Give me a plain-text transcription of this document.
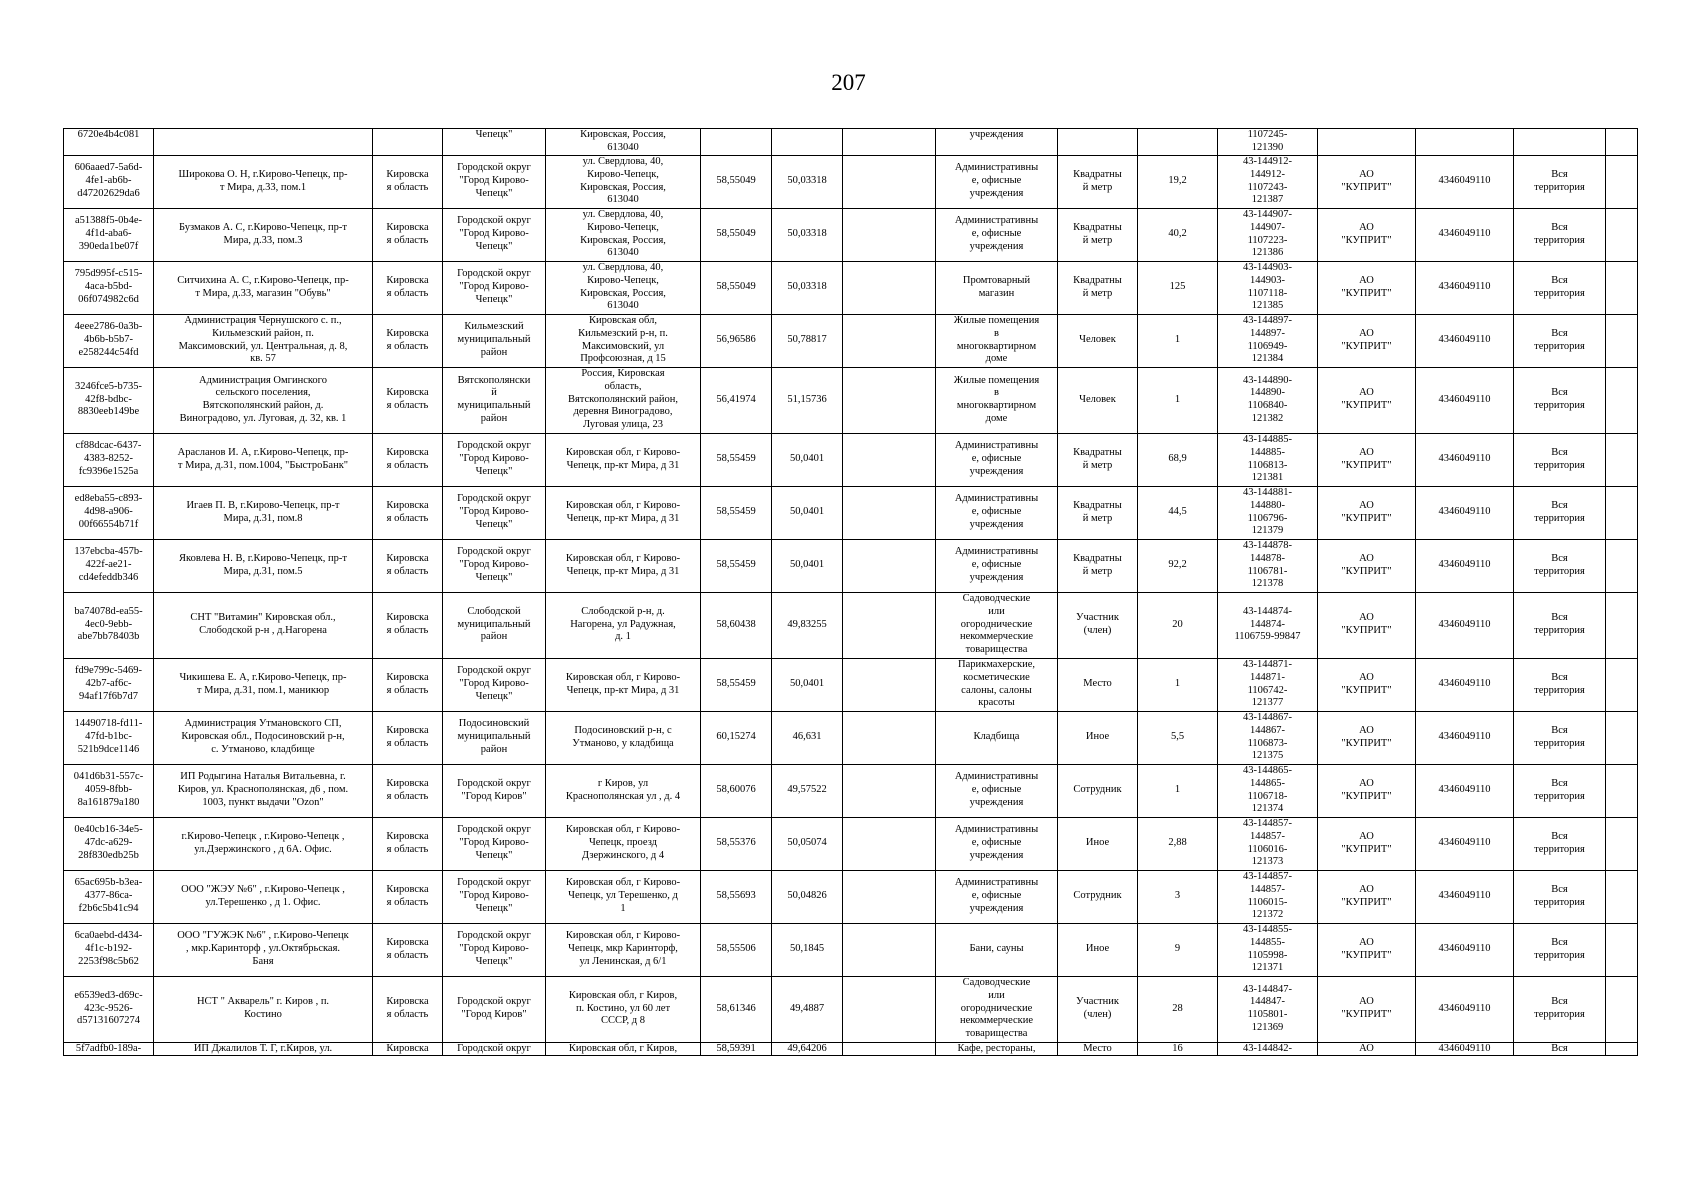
207
6720e4b4c081			Чепецк"	Кировская, Россия,
613040				учреждения			1107245-
121390				
606aaed7-5a6d-
4fe1-ab6b-
d47202629da6	Широкова О. Н, г.Кирово-Чепецк, пр-
т Мира, д.33, пом.1	Кировска
я область	Городской округ
"Город Кирово-
Чепецк"	ул. Свердлова, 40,
Кирово-Чепецк,
Кировская, Россия,
613040	58,55049	50,03318		Административны
е, офисные
учреждения	Квадратны
й метр	19,2	43-144912-
144912-
1107243-
121387	АО
"КУПРИТ"	4346049110	Вся
территория	
a51388f5-0b4e-
4f1d-aba6-
390eda1be07f	Бузмаков А. С, г.Кирово-Чепецк, пр-т
Мира, д.33, пом.3	Кировска
я область	Городской округ
"Город Кирово-
Чепецк"	ул. Свердлова, 40,
Кирово-Чепецк,
Кировская, Россия,
613040	58,55049	50,03318		Административны
е, офисные
учреждения	Квадратны
й метр	40,2	43-144907-
144907-
1107223-
121386	АО
"КУПРИТ"	4346049110	Вся
территория	
795d995f-c515-
4aca-b5bd-
06f074982c6d	Ситчихина А. С, г.Кирово-Чепецк, пр-
т Мира, д.33, магазин "Обувь"	Кировска
я область	Городской округ
"Город Кирово-
Чепецк"	ул. Свердлова, 40,
Кирово-Чепецк,
Кировская, Россия,
613040	58,55049	50,03318		Промтоварный
магазин	Квадратны
й метр	125	43-144903-
144903-
1107118-
121385	АО
"КУПРИТ"	4346049110	Вся
территория	
4eee2786-0a3b-
4b6b-b5b7-
e258244c54fd	Администрация Чернушского с. п.,
Кильмезский район, п.
Максимовский, ул. Центральная, д. 8,
кв. 57	Кировска
я область	Кильмезский
муниципальный
район	Кировская обл,
Кильмезский р-н, п.
Максимовский, ул
Профсоюзная, д 15	56,96586	50,78817		Жилые помещения
в
многоквартирном
доме	Человек	1	43-144897-
144897-
1106949-
121384	АО
"КУПРИТ"	4346049110	Вся
территория	
3246fce5-b735-
42f8-bdbc-
8830eeb149be	Администрация Омгинского
сельского поселения,
Вятскополянский район, д.
Виноградово, ул. Луговая, д. 32, кв. 1	Кировска
я область	Вятскополянски
й
муниципальный
район	Россия, Кировская
область,
Вятскополянский район,
деревня Виноградово,
Луговая улица, 23	56,41974	51,15736		Жилые помещения
в
многоквартирном
доме	Человек	1	43-144890-
144890-
1106840-
121382	АО
"КУПРИТ"	4346049110	Вся
территория	
cf88dcac-6437-
4383-8252-
fc9396e1525a	Арасланов И. А, г.Кирово-Чепецк, пр-
т Мира, д.31, пом.1004, "БыстроБанк"	Кировска
я область	Городской округ
"Город Кирово-
Чепецк"	Кировская обл, г Кирово-
Чепецк, пр-кт Мира, д 31	58,55459	50,0401		Административны
е, офисные
учреждения	Квадратны
й метр	68,9	43-144885-
144885-
1106813-
121381	АО
"КУПРИТ"	4346049110	Вся
территория	
ed8eba55-c893-
4d98-a906-
00f66554b71f	Игаев П. В, г.Кирово-Чепецк, пр-т
Мира, д.31, пом.8	Кировска
я область	Городской округ
"Город Кирово-
Чепецк"	Кировская обл, г Кирово-
Чепецк, пр-кт Мира, д 31	58,55459	50,0401		Административны
е, офисные
учреждения	Квадратны
й метр	44,5	43-144881-
144880-
1106796-
121379	АО
"КУПРИТ"	4346049110	Вся
территория	
137ebcba-457b-
422f-ae21-
cd4efeddb346	Яковлева Н. В, г.Кирово-Чепецк, пр-т
Мира, д.31, пом.5	Кировска
я область	Городской округ
"Город Кирово-
Чепецк"	Кировская обл, г Кирово-
Чепецк, пр-кт Мира, д 31	58,55459	50,0401		Административны
е, офисные
учреждения	Квадратны
й метр	92,2	43-144878-
144878-
1106781-
121378	АО
"КУПРИТ"	4346049110	Вся
территория	
ba74078d-ea55-
4ec0-9ebb-
abe7bb78403b	СНТ "Витамин" Кировская обл.,
Слободской р-н , д.Нагорена	Кировска
я область	Слободской
муниципальный
район	Слободской р-н, д.
Нагорена, ул Радужная,
д. 1	58,60438	49,83255		Садоводческие
или
огороднические
некоммерческие
товарищества	Участник
(член)	20	43-144874-
144874-
1106759-99847	АО
"КУПРИТ"	4346049110	Вся
территория	
fd9e799c-5469-
42b7-af6c-
94af17f6b7d7	Чикишева Е. А, г.Кирово-Чепецк, пр-
т Мира, д.31, пом.1, маникюр	Кировска
я область	Городской округ
"Город Кирово-
Чепецк"	Кировская обл, г Кирово-
Чепецк, пр-кт Мира, д 31	58,55459	50,0401		Парикмахерские,
косметические
салоны, салоны
красоты	Место	1	43-144871-
144871-
1106742-
121377	АО
"КУПРИТ"	4346049110	Вся
территория	
14490718-fd11-
47fd-b1bc-
521b9dce1146	Администрация Утмановского СП,
Кировская обл., Подосиновский р-н,
с. Утманово, кладбище	Кировска
я область	Подосиновский
муниципальный
район	Подосиновский р-н, с
Утманово, у кладбища	60,15274	46,631		Кладбища	Иное	5,5	43-144867-
144867-
1106873-
121375	АО
"КУПРИТ"	4346049110	Вся
территория	
041d6b31-557c-
4059-8fbb-
8a161879a180	ИП Родыгина Наталья Витальевна, г.
Киров, ул. Краснополянская, д6 , пом.
1003, пункт выдачи "Ozon"	Кировска
я область	Городской округ
"Город Киров"	г Киров, ул
Краснополянская ул , д. 4	58,60076	49,57522		Административны
е, офисные
учреждения	Сотрудник	1	43-144865-
144865-
1106718-
121374	АО
"КУПРИТ"	4346049110	Вся
территория	
0e40cb16-34e5-
47dc-a629-
28f830edb25b	г.Кирово-Чепецк , г.Кирово-Чепецк ,
ул.Дзержинского , д 6А. Офис.	Кировска
я область	Городской округ
"Город Кирово-
Чепецк"	Кировская обл, г Кирово-
Чепецк, проезд
Дзержинского, д 4	58,55376	50,05074		Административны
е, офисные
учреждения	Иное	2,88	43-144857-
144857-
1106016-
121373	АО
"КУПРИТ"	4346049110	Вся
территория	
65ac695b-b3ea-
4377-86ca-
f2b6c5b41c94	ООО "ЖЭУ №6" , г.Кирово-Чепецк ,
ул.Терешенко , д 1. Офис.	Кировска
я область	Городской округ
"Город Кирово-
Чепецк"	Кировская обл, г Кирово-
Чепецк, ул Терешенко, д
1	58,55693	50,04826		Административны
е, офисные
учреждения	Сотрудник	3	43-144857-
144857-
1106015-
121372	АО
"КУПРИТ"	4346049110	Вся
территория	
6ca0aebd-d434-
4f1c-b192-
2253f98c5b62	ООО "ГУЖЭК №6" , г.Кирово-Чепецк
, мкр.Каринторф , ул.Октябрьская.
Баня	Кировска
я область	Городской округ
"Город Кирово-
Чепецк"	Кировская обл, г Кирово-
Чепецк, мкр Каринторф,
ул Ленинская, д 6/1	58,55506	50,1845		Бани, сауны	Иное	9	43-144855-
144855-
1105998-
121371	АО
"КУПРИТ"	4346049110	Вся
территория	
e6539ed3-d69c-
423c-9526-
d57131607274	НСТ " Акварель" г. Киров , п.
Костино	Кировска
я область	Городской округ
"Город Киров"	Кировская обл, г Киров,
п. Костино, ул 60 лет
СССР, д 8	58,61346	49,4887		Садоводческие
или
огороднические
некоммерческие
товарищества	Участник
(член)	28	43-144847-
144847-
1105801-
121369	АО
"КУПРИТ"	4346049110	Вся
территория	
5f7adfb0-189a-	ИП Джалилов Т. Г, г.Киров, ул.	Кировска	Городской округ	Кировская обл, г Киров,	58,59391	49,64206		Кафе, рестораны,	Место	16	43-144842-	АО	4346049110	Вся	
